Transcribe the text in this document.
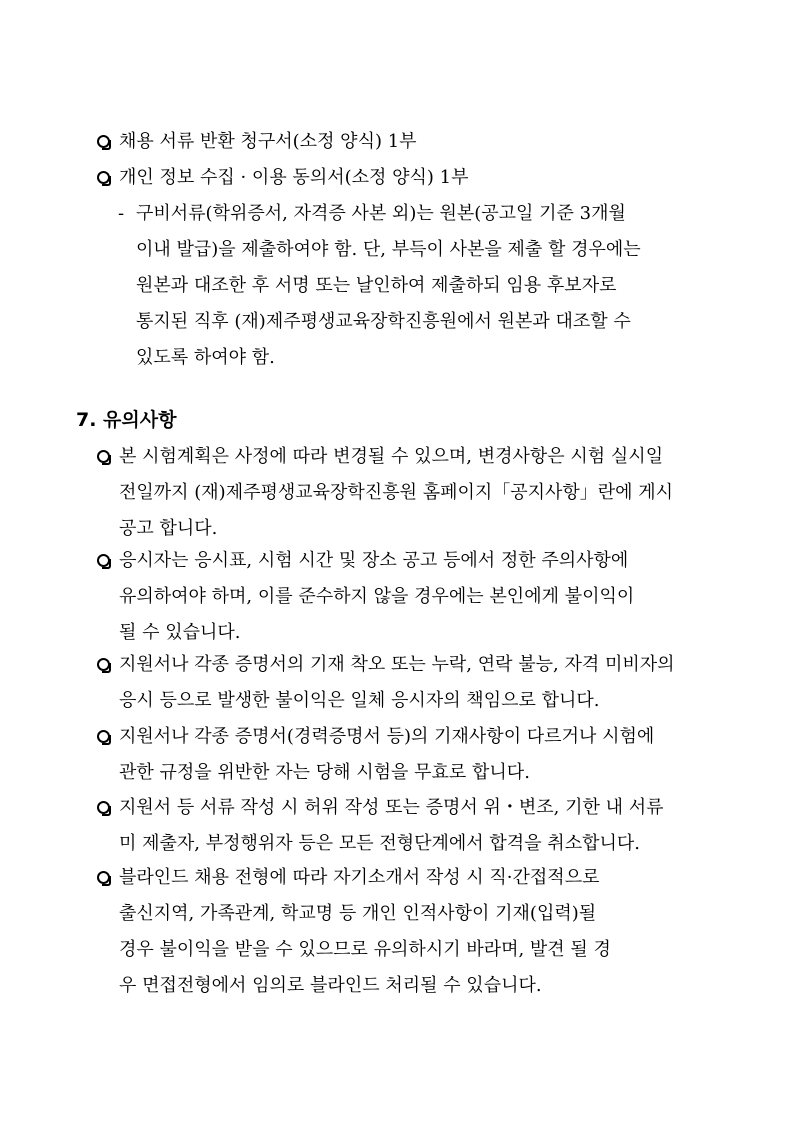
채용 서류 반환 청구서(소정 양식) 1부
개인 정보 수집 · 이용 동의서(소정 양식) 1부
- 구비서류(학위증서, 자격증 사본 외)는 원본(공고일 기준 3개월
이내 발급)을 제출하여야 함. 단, 부득이 사본을 제출 할 경우에는
원본과 대조한 후 서명 또는 날인하여 제출하되 임용 후보자로
통지된 직후 (재)제주평생교육장학진흥원에서 원본과 대조할 수
있도록 하여야 함.
7. 유의사항
본 시험계획은 사정에 따라 변경될 수 있으며, 변경사항은 시험 실시일
전일까지 (재)제주평생교육장학진흥원 홈페이지「공지사항」란에 게시
공고 합니다.
응시자는 응시표, 시험 시간 및 장소 공고 등에서 정한 주의사항에
유의하여야 하며, 이를 준수하지 않을 경우에는 본인에게 불이익이
될 수 있습니다.
지원서나 각종 증명서의 기재 착오 또는 누락, 연락 불능, 자격 미비자의
응시 등으로 발생한 불이익은 일체 응시자의 책임으로 합니다.
지원서나 각종 증명서(경력증명서 등)의 기재사항이 다르거나 시험에
관한 규정을 위반한 자는 당해 시험을 무효로 합니다.
지원서 등 서류 작성 시 허위 작성 또는 증명서 위・변조, 기한 내 서류
미 제출자, 부정행위자 등은 모든 전형단계에서 합격을 취소합니다.
블라인드 채용 전형에 따라 자기소개서 작성 시 직·간접적으로
출신지역, 가족관계, 학교명 등 개인 인적사항이 기재(입력)될
경우 불이익을 받을 수 있으므로 유의하시기 바라며, 발견 될 경
우 면접전형에서 임의로 블라인드 처리될 수 있습니다.
